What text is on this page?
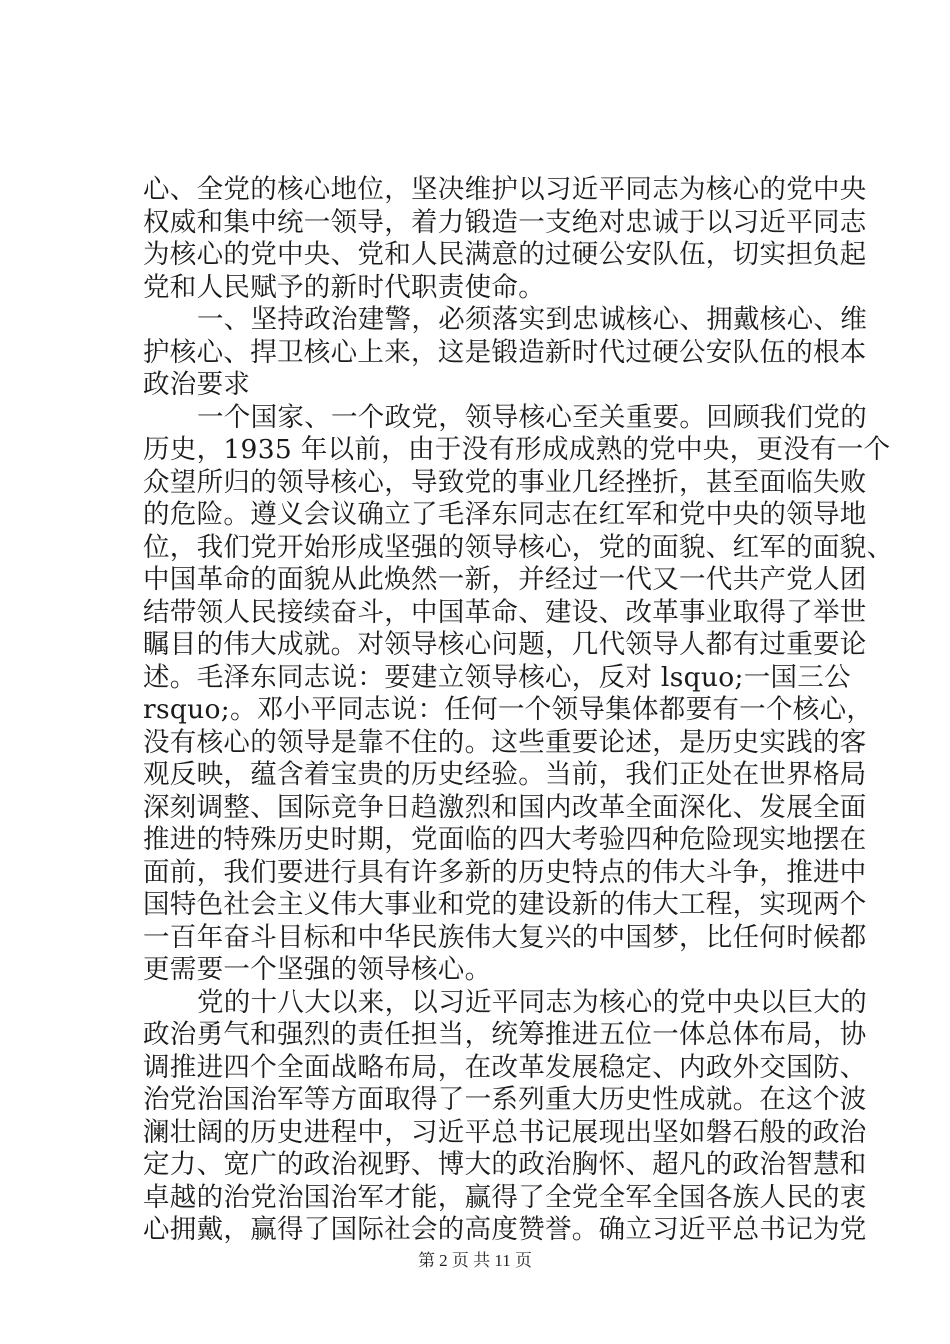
心、全党的核心地位，坚决维护以习近平同志为核心的党中央
权威和集中统一领导，着力锻造一支绝对忠诚于以习近平同志
为核心的党中央、党和人民满意的过硬公安队伍，切实担负起
党和人民赋予的新时代职责使命。
一、坚持政治建警，必须落实到忠诚核心、拥戴核心、维
护核心、捍卫核心上来，这是锻造新时代过硬公安队伍的根本
政治要求
一个国家、一个政党，领导核心至关重要。回顾我们党的
历史，1935 年以前，由于没有形成成熟的党中央，更没有一个
众望所归的领导核心，导致党的事业几经挫折，甚至面临失败
的危险。遵义会议确立了毛泽东同志在红军和党中央的领导地
位，我们党开始形成坚强的领导核心，党的面貌、红军的面貌、
中国革命的面貌从此焕然一新，并经过一代又一代共产党人团
结带领人民接续奋斗，中国革命、建设、改革事业取得了举世
瞩目的伟大成就。对领导核心问题，几代领导人都有过重要论
述。毛泽东同志说：要建立领导核心，反对 lsquo;一国三公
rsquo;。邓小平同志说：任何一个领导集体都要有一个核心，
没有核心的领导是靠不住的。这些重要论述，是历史实践的客
观反映，蕴含着宝贵的历史经验。当前，我们正处在世界格局
深刻调整、国际竞争日趋激烈和国内改革全面深化、发展全面
推进的特殊历史时期，党面临的四大考验四种危险现实地摆在
面前，我们要进行具有许多新的历史特点的伟大斗争，推进中
国特色社会主义伟大事业和党的建设新的伟大工程，实现两个
一百年奋斗目标和中华民族伟大复兴的中国梦，比任何时候都
更需要一个坚强的领导核心。
党的十八大以来，以习近平同志为核心的党中央以巨大的
政治勇气和强烈的责任担当，统筹推进五位一体总体布局，协
调推进四个全面战略布局，在改革发展稳定、内政外交国防、
治党治国治军等方面取得了一系列重大历史性成就。在这个波
澜壮阔的历史进程中，习近平总书记展现出坚如磐石般的政治
定力、宽广的政治视野、博大的政治胸怀、超凡的政治智慧和
卓越的治党治国治军才能，赢得了全党全军全国各族人民的衷
心拥戴，赢得了国际社会的高度赞誉。确立习近平总书记为党
第 2 页 共 11 页
